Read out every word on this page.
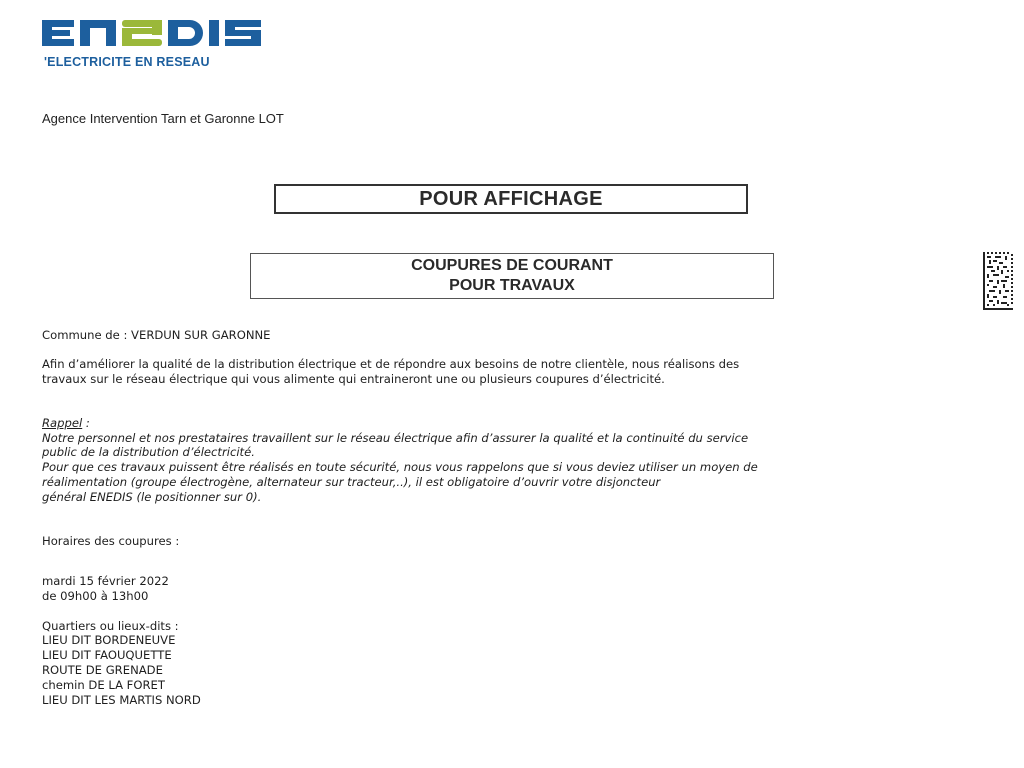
'ELECTRICITE EN RESEAU
Agence Intervention Tarn et Garonne LOT
POUR AFFICHAGE
COUPURES DE COURANT
POUR TRAVAUX
Commune de : VERDUN SUR GARONNE
Afin d’améliorer la qualité de la distribution électrique et de répondre aux besoins de notre clientèle, nous réalisons des
travaux sur le réseau électrique qui vous alimente qui entraineront une ou plusieurs coupures d’électricité.
Rappel :
Notre personnel et nos prestataires travaillent sur le réseau électrique afin d’assurer la qualité et la continuité du service
public de la distribution d’électricité.
Pour que ces travaux puissent être réalisés en toute sécurité, nous vous rappelons que si vous deviez utiliser un moyen de
réalimentation (groupe électrogène, alternateur sur tracteur,..), il est obligatoire d’ouvrir votre disjoncteur
général ENEDIS (le positionner sur 0).
Horaires des coupures :
mardi 15 février 2022
de 09h00 à 13h00
Quartiers ou lieux-dits :
LIEU DIT BORDENEUVE
LIEU DIT FAOUQUETTE
ROUTE DE GRENADE
chemin DE LA FORET
LIEU DIT LES MARTIS NORD
